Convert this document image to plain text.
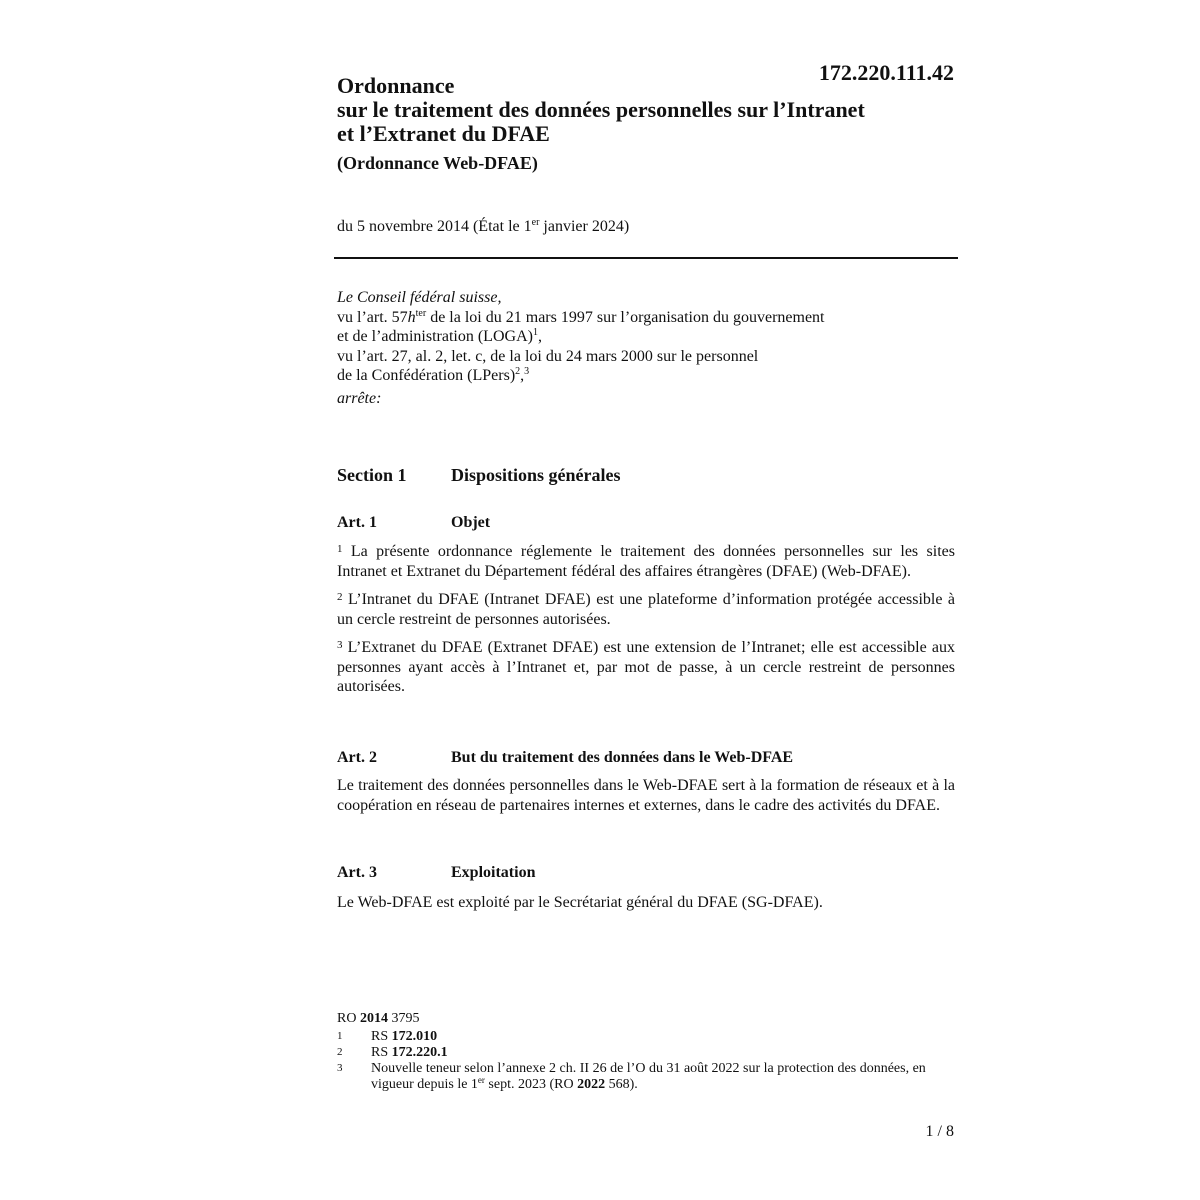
172.220.111.42

Ordonnance
sur le traitement des données personnelles sur l’Intranet
et l’Extranet du DFAE
(Ordonnance Web-DFAE)

du 5 novembre 2014 (État le 1er janvier 2024)

Le Conseil fédéral suisse,

vu l’art. $57h^{ter}$ de la loi du 21 mars 1997 sur l’organisation du gouvernement

et de l’administration (LOGA)$^1$,

vu l’art. 27, al. 2, let. c, de la loi du 24 mars 2000 sur le personnel

de la Confédération (LPers)$^2$,$^3$

arrête:

Section 1 Dispositions générales
Art. 1	Objet

$^1$ La présente ordonnance réglemente le traitement des données personnelles sur les sites Intranet et Extranet du Département fédéral des affaires étrangères (DFAE) (Web-DFAE).

$^2$ L’Intranet du DFAE (Intranet DFAE) est une plateforme d’information protégée accessible à un cercle restreint de personnes autorisées.

$^3$ L’Extranet du DFAE (Extranet DFAE) est une extension de l’Intranet; elle est accessible aux personnes ayant accès à l’Intranet et, par mot de passe, à un cercle restreint de personnes autorisées.

Art. 2	But du traitement des données dans le Web-DFAE

Le traitement des données personnelles dans le Web-DFAE sert à la formation de réseaux et à la coopération en réseau de partenaires internes et externes, dans le cadre des activités du DFAE.

Art. 3	Exploitation

Le Web-DFAE est exploité par le Secrétariat général du DFAE (SG-DFAE).

RO 2014 3795
1	RS 172.010
2	RS 172.220.1
3	Nouvelle teneur selon l’annexe 2 ch. II 26 de l’O du 31 août 2022 sur la protection des données, en vigueur depuis le 1er sept. 2023 (RO 2022 568).

1 / 8
